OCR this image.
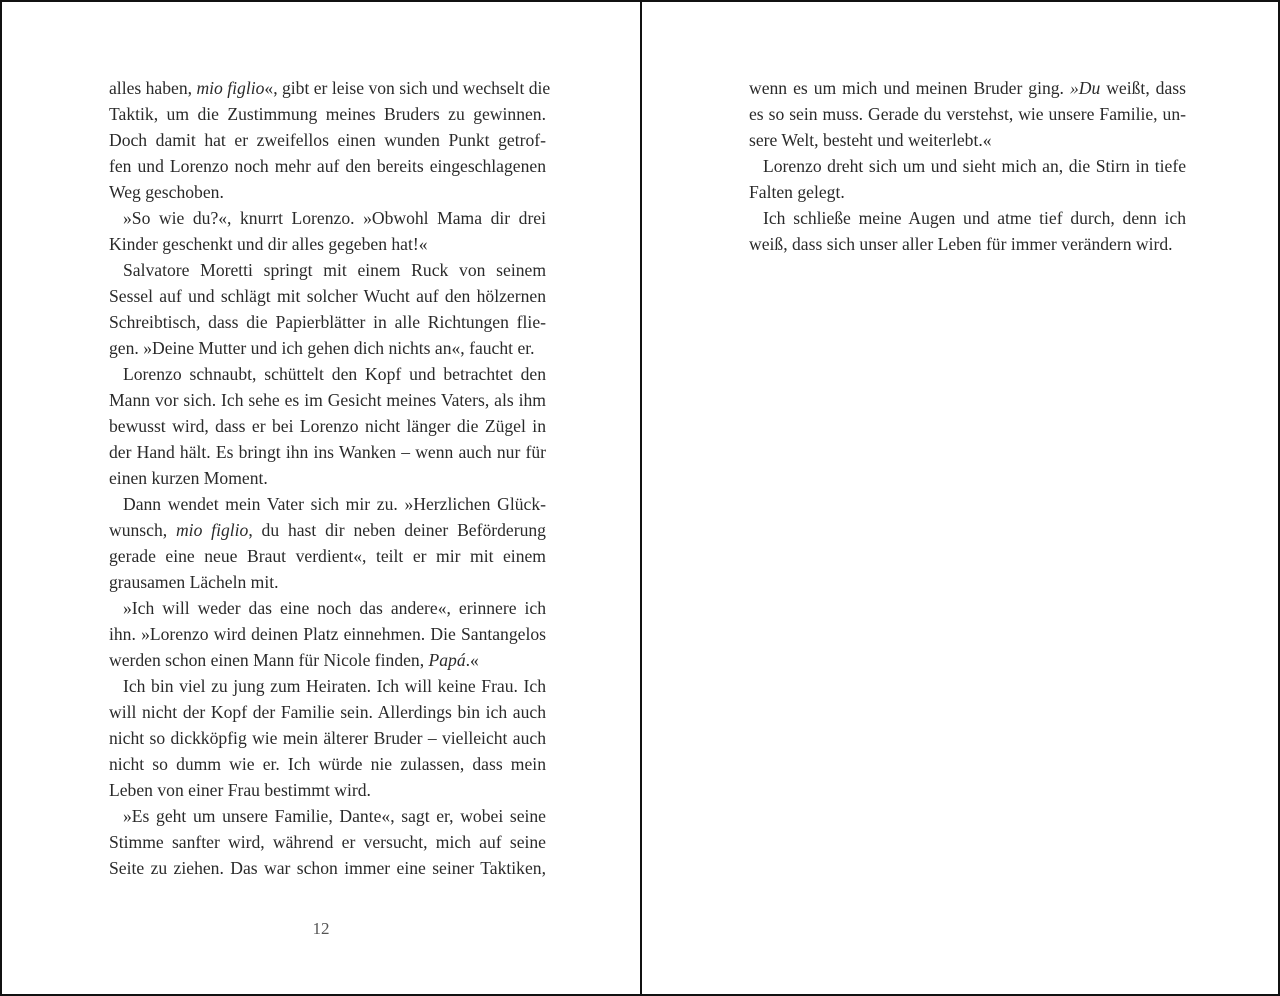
alles haben, mio figlio«, gibt er leise von sich und wechselt die
Taktik, um die Zustimmung meines Bruders zu gewinnen.
Doch damit hat er zweifellos einen wunden Punkt getrof-
fen und Lorenzo noch mehr auf den bereits eingeschlagenen
Weg geschoben.
»So wie du?«, knurrt Lorenzo. »Obwohl Mama dir drei
Kinder geschenkt und dir alles gegeben hat!«
Salvatore Moretti springt mit einem Ruck von seinem
Sessel auf und schlägt mit solcher Wucht auf den hölzernen
Schreibtisch, dass die Papierblätter in alle Richtungen flie-
gen. »Deine Mutter und ich gehen dich nichts an«, faucht er.
Lorenzo schnaubt, schüttelt den Kopf und betrachtet den
Mann vor sich. Ich sehe es im Gesicht meines Vaters, als ihm
bewusst wird, dass er bei Lorenzo nicht länger die Zügel in
der Hand hält. Es bringt ihn ins Wanken – wenn auch nur für
einen kurzen Moment.
Dann wendet mein Vater sich mir zu. »Herzlichen Glück-
wunsch, mio figlio, du hast dir neben deiner Beförderung
gerade eine neue Braut verdient«, teilt er mir mit einem
grausamen Lächeln mit.
»Ich will weder das eine noch das andere«, erinnere ich
ihn. »Lorenzo wird deinen Platz einnehmen. Die Santangelos
werden schon einen Mann für Nicole finden, Papá.«
Ich bin viel zu jung zum Heiraten. Ich will keine Frau. Ich
will nicht der Kopf der Familie sein. Allerdings bin ich auch
nicht so dickköpfig wie mein älterer Bruder – vielleicht auch
nicht so dumm wie er. Ich würde nie zulassen, dass mein
Leben von einer Frau bestimmt wird.
»Es geht um unsere Familie, Dante«, sagt er, wobei seine
Stimme sanfter wird, während er versucht, mich auf seine
Seite zu ziehen. Das war schon immer eine seiner Taktiken,
12
wenn es um mich und meinen Bruder ging. »Du weißt, dass
es so sein muss. Gerade du verstehst, wie unsere Familie, un-
sere Welt, besteht und weiterlebt.«
Lorenzo dreht sich um und sieht mich an, die Stirn in tiefe
Falten gelegt.
Ich schließe meine Augen und atme tief durch, denn ich
weiß, dass sich unser aller Leben für immer verändern wird.
